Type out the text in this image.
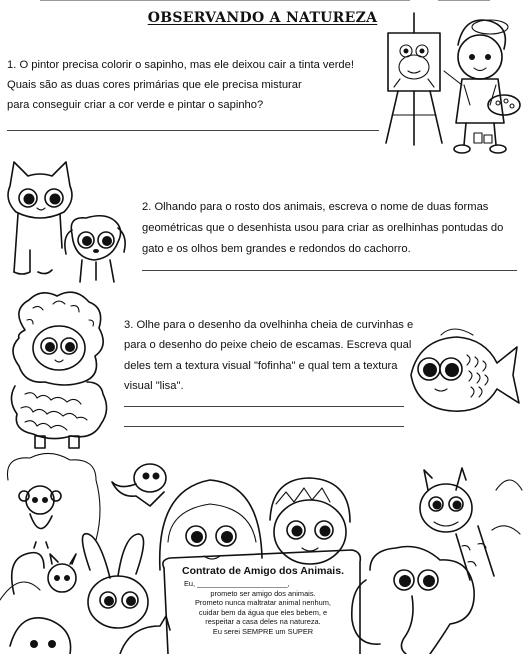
OBSERVANDO A NATUREZA
1. O pintor precisa colorir o sapinho, mas ele deixou cair a tinta verde!
Quais são as duas cores primárias que ele precisa misturar
para conseguir criar a cor verde e pintar o sapinho?
2. Olhando para o rosto dos animais, escreva o nome de duas formas
geométricas que o desenhista usou para criar as orelhinhas pontudas do
gato e os olhos bem grandes e redondos do cachorro.
3. Olhe para o desenho da ovelhinha cheia de curvinhas e
para o desenho do peixe cheio de escamas. Escreva qual
deles tem a textura visual "fofinha" e qual tem a textura
visual "lisa".
Contrato de Amigo dos Animais.
Eu, ______________________,
prometo ser amigo dos animais.
Prometo nunca maltratar animal nenhum,
cuidar bem da água que eles bebem, e
respeitar a casa deles na natureza.
Eu serei SEMPRE um SUPER
